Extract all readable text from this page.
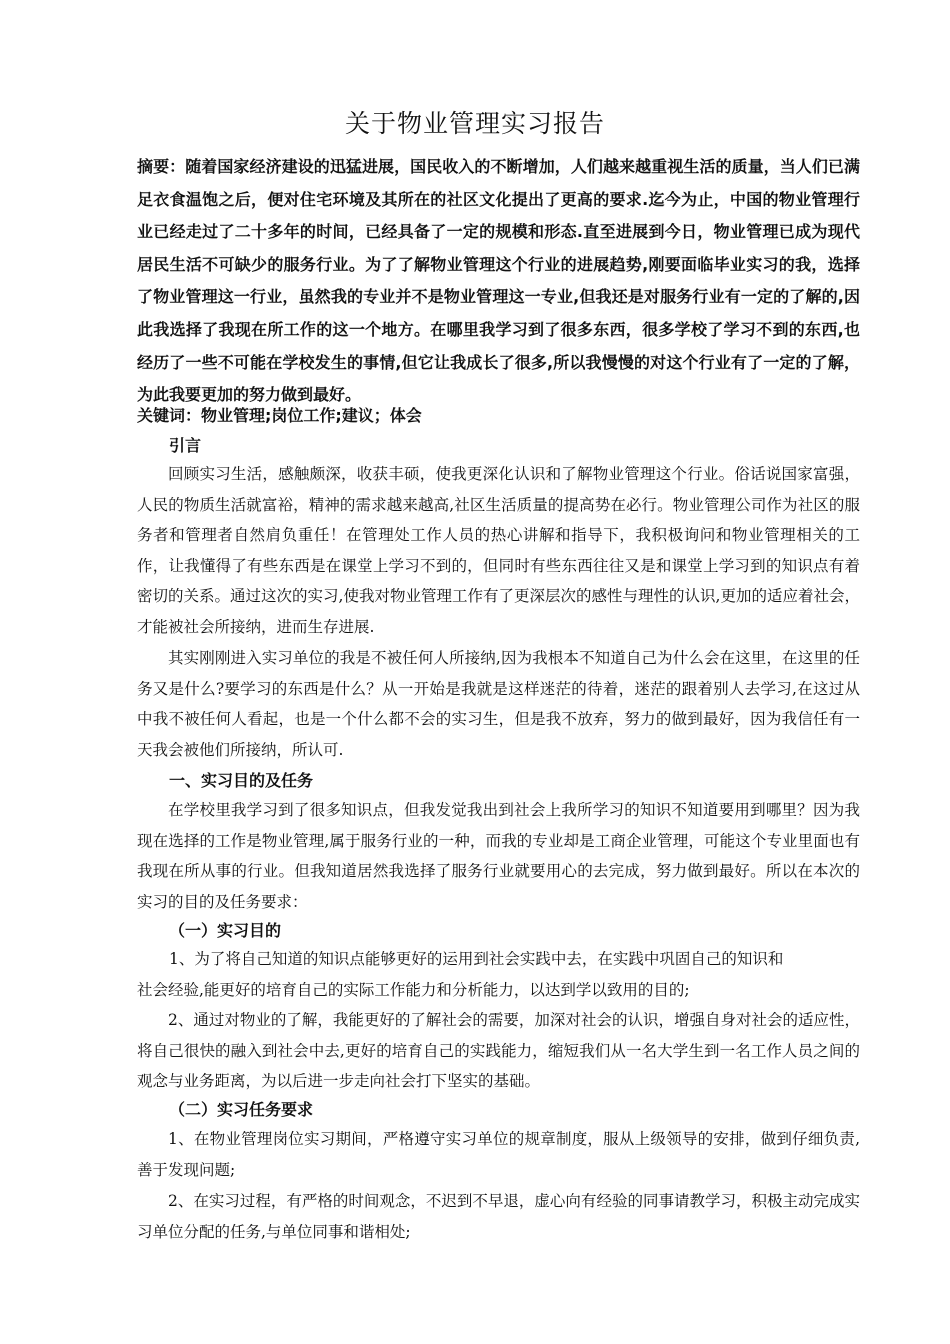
关于物业管理实习报告

摘要：随着国家经济建设的迅猛进展，国民收入的不断增加，人们越来越重视生活的质量，当人们已满足衣食温饱之后，便对住宅环境及其所在的社区文化提出了更高的要求.迄今为止，中国的物业管理行业已经走过了二十多年的时间，已经具备了一定的规模和形态.直至进展到今日，物业管理已成为现代居民生活不可缺少的服务行业。为了了解物业管理这个行业的进展趋势,刚要面临毕业实习的我，选择了物业管理这一行业，虽然我的专业并不是物业管理这一专业,但我还是对服务行业有一定的了解的,因此我选择了我现在所工作的这一个地方。在哪里我学习到了很多东西，很多学校了学习不到的东西,也经历了一些不可能在学校发生的事情,但它让我成长了很多,所以我慢慢的对这个行业有了一定的了解，为此我要更加的努力做到最好。

关键词：物业管理;岗位工作;建议；体会
引言

回顾实习生活，感触颇深，收获丰硕，使我更深化认识和了解物业管理这个行业。俗话说国家富强，人民的物质生活就富裕，精神的需求越来越高,社区生活质量的提高势在必行。物业管理公司作为社区的服务者和管理者自然肩负重任！在管理处工作人员的热心讲解和指导下，我积极询问和物业管理相关的工作，让我懂得了有些东西是在课堂上学习不到的，但同时有些东西往往又是和课堂上学习到的知识点有着密切的关系。通过这次的实习,使我对物业管理工作有了更深层次的感性与理性的认识,更加的适应着社会，才能被社会所接纳，进而生存进展.

其实刚刚进入实习单位的我是不被任何人所接纳,因为我根本不知道自己为什么会在这里，在这里的任务又是什么?要学习的东西是什么？从一开始是我就是这样迷茫的待着，迷茫的跟着别人去学习,在这过从中我不被任何人看起，也是一个什么都不会的实习生，但是我不放弃，努力的做到最好，因为我信任有一天我会被他们所接纳，所认可.

一、实习目的及任务

在学校里我学习到了很多知识点，但我发觉我出到社会上我所学习的知识不知道要用到哪里？因为我现在选择的工作是物业管理,属于服务行业的一种，而我的专业却是工商企业管理，可能这个专业里面也有我现在所从事的行业。但我知道居然我选择了服务行业就要用心的去完成，努力做到最好。所以在本次的实习的目的及任务要求：

（一）实习目的
1、为了将自己知道的知识点能够更好的运用到社会实践中去，在实践中巩固自己的知识和
社会经验,能更好的培育自己的实际工作能力和分析能力，以达到学以致用的目的;

2、通过对物业的了解，我能更好的了解社会的需要，加深对社会的认识，增强自身对社会的适应性，将自己很快的融入到社会中去,更好的培育自己的实践能力，缩短我们从一名大学生到一名工作人员之间的观念与业务距离，为以后进一步走向社会打下坚实的基础。

（二）实习任务要求

1、在物业管理岗位实习期间，严格遵守实习单位的规章制度，服从上级领导的安排，做到仔细负责,善于发现问题;

2、在实习过程，有严格的时间观念，不迟到不早退，虚心向有经验的同事请教学习，积极主动完成实习单位分配的任务,与单位同事和谐相处;
